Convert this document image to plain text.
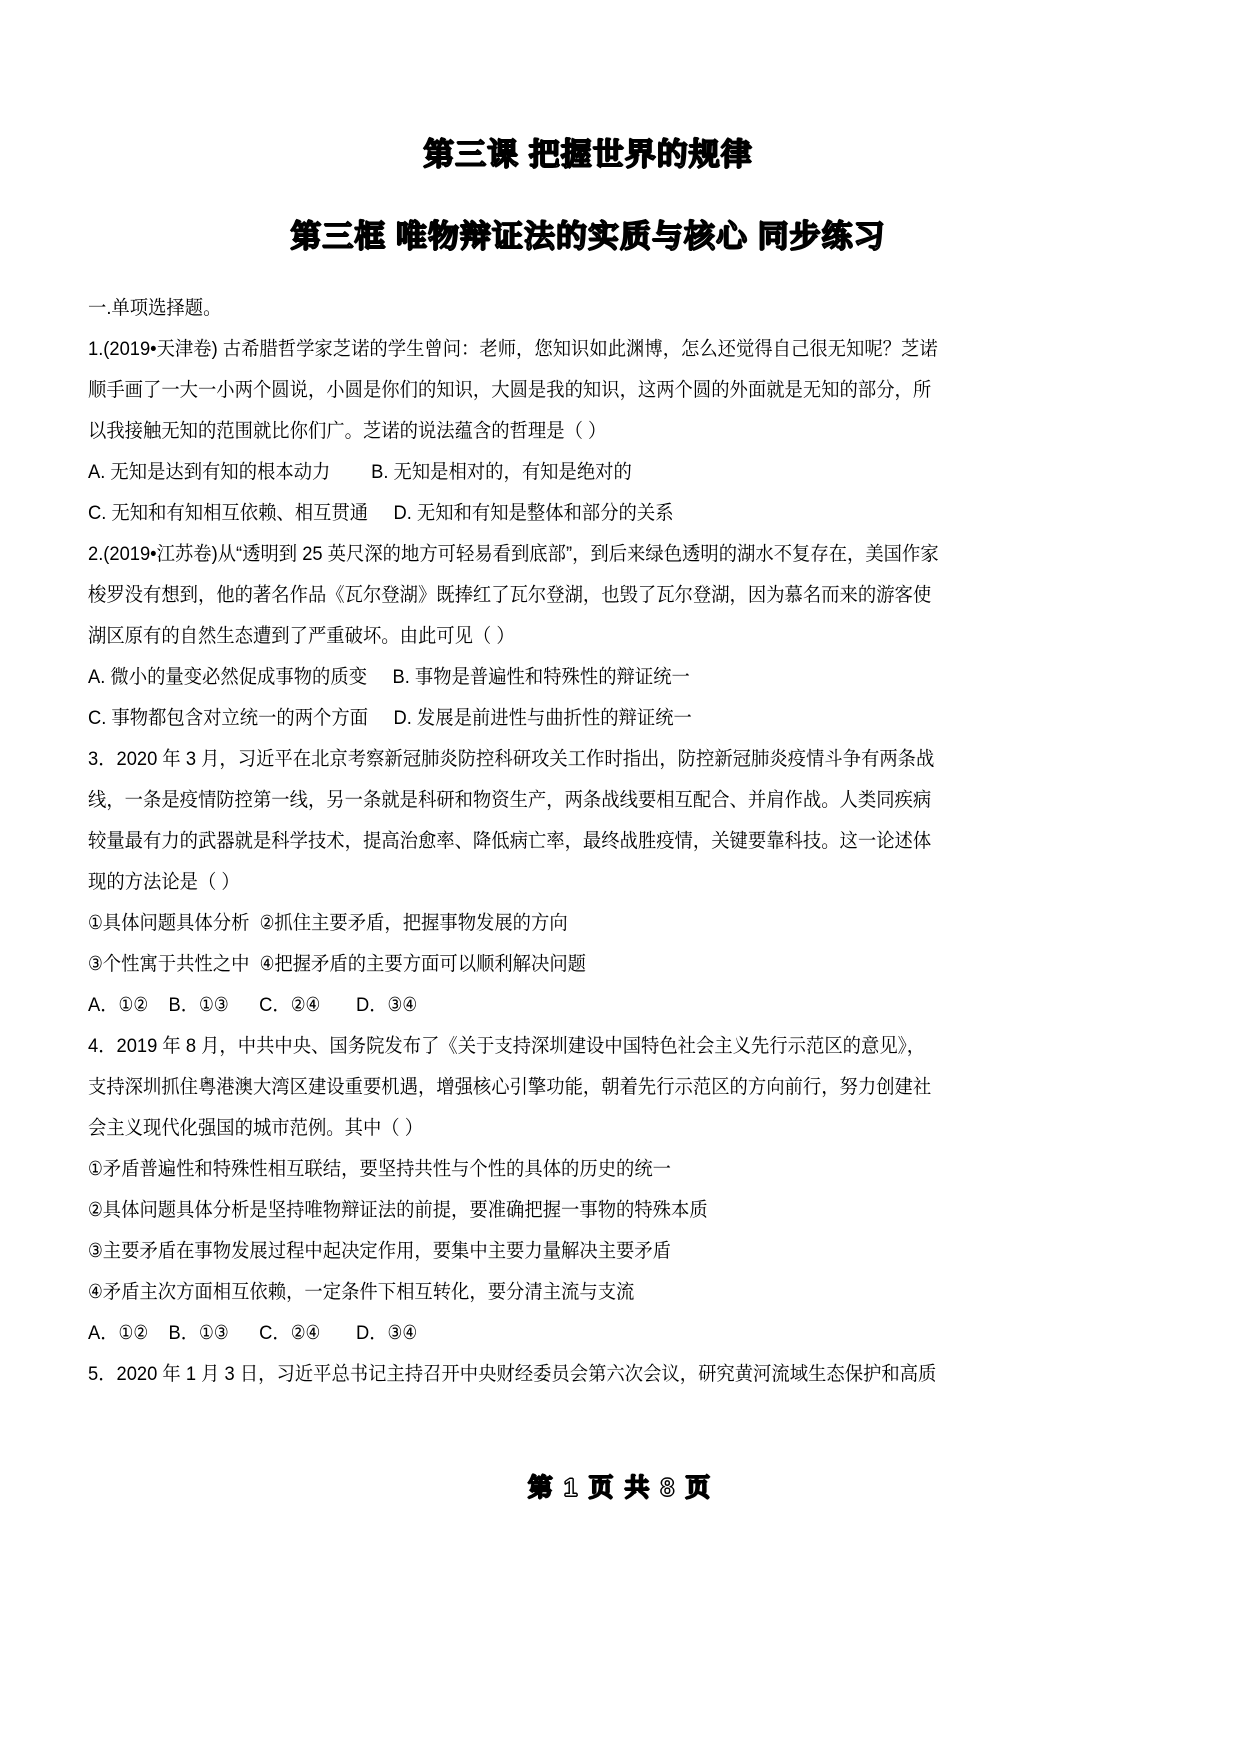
第三课 把握世界的规律
第三框 唯物辩证法的实质与核心 同步练习

一.单项选择题。

1.(2019•天津卷) 古希腊哲学家芝诺的学生曾问：老师，您知识如此渊博，怎么还觉得自己很无知呢？芝诺

顺手画了一大一小两个圆说，小圆是你们的知识，大圆是我的知识，这两个圆的外面就是无知的部分，所

以我接触无知的范围就比你们广。芝诺的说法蕴含的哲理是（ ）

A. 无知是达到有知的根本动力        B. 无知是相对的，有知是绝对的

C. 无知和有知相互依赖、相互贯通     D. 无知和有知是整体和部分的关系

2.(2019•江苏卷)从“透明到 25 英尺深的地方可轻易看到底部”，到后来绿色透明的湖水不复存在，美国作家

梭罗没有想到，他的著名作品《瓦尔登湖》既捧红了瓦尔登湖，也毁了瓦尔登湖，因为慕名而来的游客使

湖区原有的自然生态遭到了严重破坏。由此可见（ ）

A. 微小的量变必然促成事物的质变     B. 事物是普遍性和特殊性的辩证统一

C. 事物都包含对立统一的两个方面     D. 发展是前进性与曲折性的辩证统一

3．2020 年 3 月，习近平在北京考察新冠肺炎防控科研攻关工作时指出，防控新冠肺炎疫情斗争有两条战

线，一条是疫情防控第一线，另一条就是科研和物资生产，两条战线要相互配合、并肩作战。人类同疾病

较量最有力的武器就是科学技术，提高治愈率、降低病亡率，最终战胜疫情，关键要靠科技。这一论述体

现的方法论是（ ）

①具体问题具体分析  ②抓住主要矛盾，把握事物发展的方向

③个性寓于共性之中  ④把握矛盾的主要方面可以顺利解决问题

A．①②    B．①③      C．②④       D．③④

4．2019 年 8 月，中共中央、国务院发布了《关于支持深圳建设中国特色社会主义先行示范区的意见》，

支持深圳抓住粤港澳大湾区建设重要机遇，增强核心引擎功能，朝着先行示范区的方向前行，努力创建社

会主义现代化强国的城市范例。其中（ ）

①矛盾普遍性和特殊性相互联结，要坚持共性与个性的具体的历史的统一

②具体问题具体分析是坚持唯物辩证法的前提，要准确把握一事物的特殊本质

③主要矛盾在事物发展过程中起决定作用，要集中主要力量解决主要矛盾

④矛盾主次方面相互依赖，一定条件下相互转化，要分清主流与支流

A．①②    B．①③      C．②④       D．③④

5．2020 年 1 月 3 日，习近平总书记主持召开中央财经委员会第六次会议，研究黄河流域生态保护和高质

第 1 页 共 8 页
